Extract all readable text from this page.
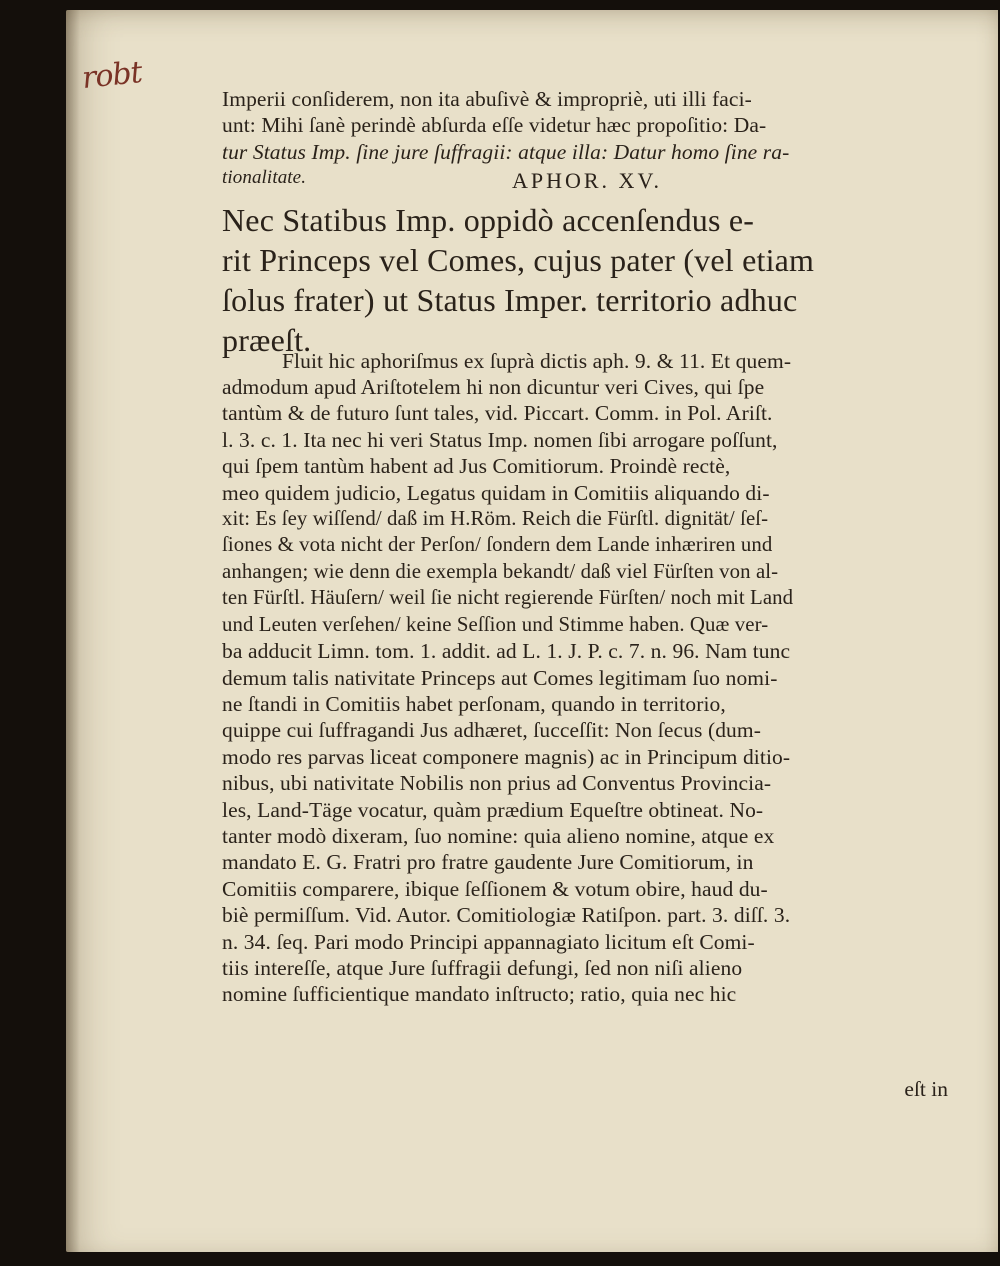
robt
Imperii conſiderem, non ita abuſivè & impropriè, uti illi faci-
unt: Mihi ſanè perindè abſurda eſſe videtur hæc propoſitio: Da-
tur Status Imp. ſine jure ſuffragii: atque illa: Datur homo ſine ra-
tionalitate.	APHOR. XV.
Nec Statibus Imp. oppidò accenſendus e-
rit Princeps vel Comes, cujus pater (vel etiam
ſolus frater) ut Status Imper. territorio adhuc
præeſt.
Fluit hic aphoriſmus ex ſuprà dictis aph. 9. & 11. Et quem-
admodum apud Ariſtotelem hi non dicuntur veri Cives, qui ſpe
tantùm & de futuro ſunt tales, vid. Piccart. Comm. in Pol. Ariſt.
l. 3. c. 1. Ita nec hi veri Status Imp. nomen ſibi arrogare poſſunt,
qui ſpem tantùm habent ad Jus Comitiorum. Proindè rectè,
meo quidem judicio, Legatus quidam in Comitiis aliquando di-
xit: Es ſey wiſſend/ daß im H.Röm. Reich die Fürſtl. dignität/ ſeſ-
ſiones & vota nicht der Perſon/ ſondern dem Lande inhæriren und
anhangen; wie denn die exempla bekandt/ daß viel Fürſten von al-
ten Fürſtl. Häuſern/ weil ſie nicht regierende Fürſten/ noch mit Land
und Leuten verſehen/ keine Seſſion und Stimme haben. Quæ ver-
ba adducit Limn. tom. 1. addit. ad L. 1. J. P. c. 7. n. 96. Nam tunc
demum talis nativitate Princeps aut Comes legitimam ſuo nomi-
ne ſtandi in Comitiis habet perſonam, quando in territorio,
quippe cui ſuffragandi Jus adhæret, ſucceſſit: Non ſecus (dum-
modo res parvas liceat componere magnis) ac in Principum ditio-
nibus, ubi nativitate Nobilis non prius ad Conventus Provincia-
les, Land-Täge vocatur, quàm prædium Equeſtre obtineat. No-
tanter modò dixeram, ſuo nomine: quia alieno nomine, atque ex
mandato E. G. Fratri pro fratre gaudente Jure Comitiorum, in
Comitiis comparere, ibique ſeſſionem & votum obire, haud du-
biè permiſſum. Vid. Autor. Comitiologiæ Ratiſpon. part. 3. diſſ. 3.
n. 34. ſeq. Pari modo Principi appannagiato licitum eſt Comi-
tiis intereſſe, atque Jure ſuffragii defungi, ſed non niſi alieno
nomine ſufficientique mandato inſtructo; ratio, quia nec hic
eſt in
